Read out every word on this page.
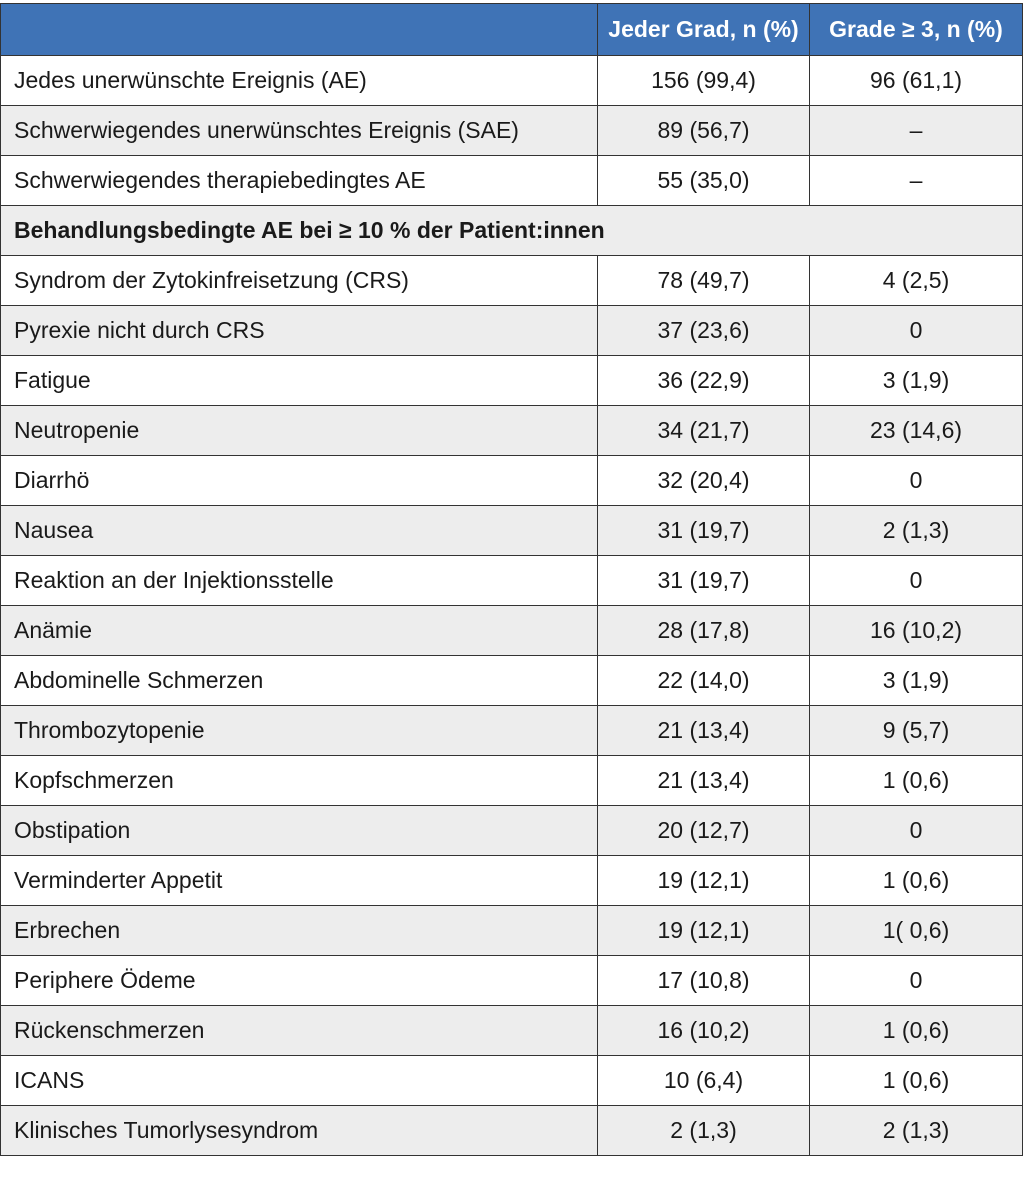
	Jeder Grad, n (%)	Grade ≥ 3, n (%)
Jedes unerwünschte Ereignis (AE)	156 (99,4)	96 (61,1)
Schwerwiegendes unerwünschtes Ereignis (SAE)	89 (56,7)	–
Schwerwiegendes therapiebedingtes AE	55 (35,0)	–
Behandlungsbedingte AE bei ≥ 10 % der Patient:innen		
Syndrom der Zytokinfreisetzung (CRS)	78 (49,7)	4 (2,5)
Pyrexie nicht durch CRS	37 (23,6)	0
Fatigue	36 (22,9)	3 (1,9)
Neutropenie	34 (21,7)	23 (14,6)
Diarrhö	32 (20,4)	0
Nausea	31 (19,7)	2 (1,3)
Reaktion an der Injektionsstelle	31 (19,7)	0
Anämie	28 (17,8)	16 (10,2)
Abdominelle Schmerzen	22 (14,0)	3 (1,9)
Thrombozytopenie	21 (13,4)	9 (5,7)
Kopfschmerzen	21 (13,4)	1 (0,6)
Obstipation	20 (12,7)	0
Verminderter Appetit	19 (12,1)	1 (0,6)
Erbrechen	19 (12,1)	1( 0,6)
Periphere Ödeme	17 (10,8)	0
Rückenschmerzen	16 (10,2)	1 (0,6)
ICANS	10 (6,4)	1 (0,6)
Klinisches Tumorlysesyndrom	2 (1,3)	2 (1,3)
